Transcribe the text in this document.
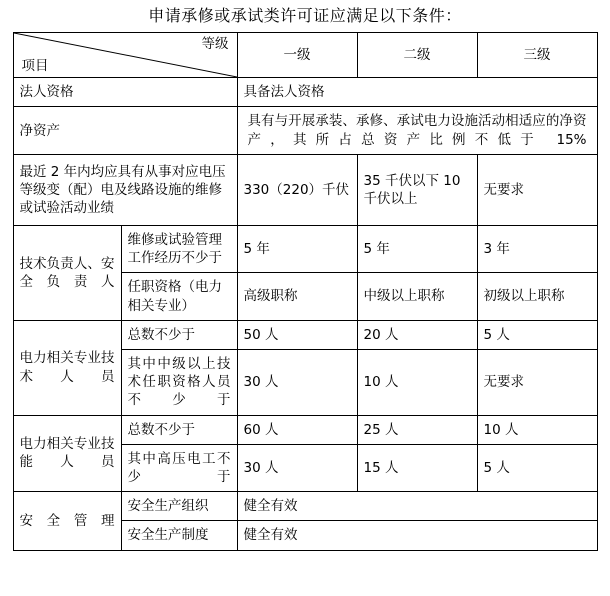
申请承修或承试类许可证应满足以下条件：
等级
项目		一级	二级	三级
法人资格		具备法人资格		
净资产		具有与开展承装、承修、承试电力设施活动相适应的净资产，其所占总资产比例不低于 15%		
最近 2 年内均应具有从事对应电压等级变（配）电及线路设施的维修或试验活动业绩		330（220）千伏	35 千伏以下 10 千伏以上	无要求
技术负责人、安全负责人	维修或试验管理工作经历不少于	5 年	5 年	3 年
	任职资格（电力相关专业）	高级职称	中级以上职称	初级以上职称
电力相关专业技术人员	总数不少于	50 人	20 人	5 人
	其中中级以上技术任职资格人员不少于	30 人	10 人	无要求
电力相关专业技能人员	总数不少于	60 人	25 人	10 人
	其中高压电工不少于	30 人	15 人	5 人
安全管理	安全生产组织	健全有效		
	安全生产制度	健全有效		
